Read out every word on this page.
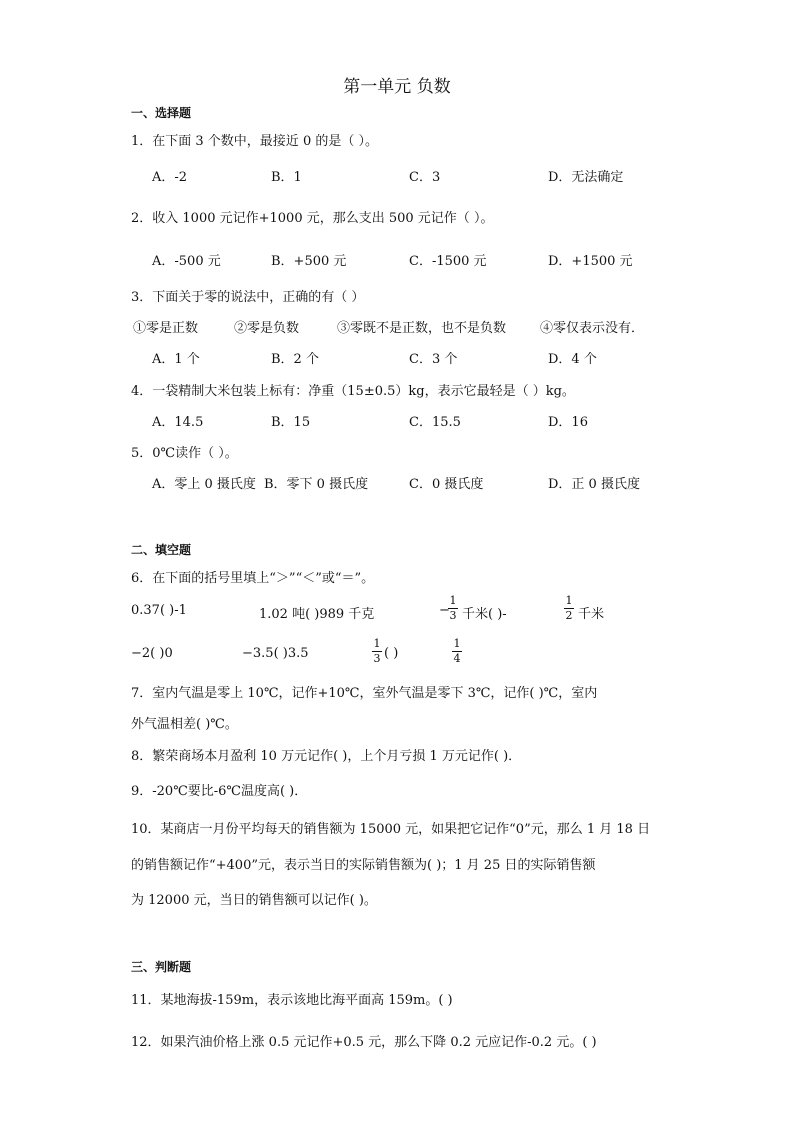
第一单元 负数
一、选择题
1．在下面 3 个数中，最接近 0 的是（ ）。
A．-2	B．1	C．3	D．无法确定
2．收入 1000 元记作+1000 元，那么支出 500 元记作（ ）。
A．-500 元	B．+500 元	C．-1500 元	D．+1500 元
3．下面关于零的说法中，正确的有（ ）
①零是正数	②零是负数	③零既不是正数，也不是负数	④零仅表示没有．
A．1 个	B．2 个	C．3 个	D．4 个
4．一袋精制大米包装上标有：净重（15±0.5）kg，表示它最轻是（ ）kg。
A．14.5	B．15	C．15.5	D．16
5．0℃读作（ ）。
A．零上 0 摄氏度 B．零下 0 摄氏度	C．0 摄氏度	D．正 0 摄氏度
二、填空题
6．在下面的括号里填上“＞”“＜”或“＝”。
0.37( )-1	1.02 吨( )989 千克	−
1
3 千米( )-
1
2 千米
−2( )0	−3.5( )3.5
1
3 ( )
1
4
7．室内气温是零上 10℃，记作+10℃，室外气温是零下 3℃，记作( )℃，室内
外气温相差( )℃。
8．繁荣商场本月盈利 10 万元记作( )，上个月亏损 1 万元记作( )．
9．-20℃要比-6℃温度高( )．
10．某商店一月份平均每天的销售额为 15000 元，如果把它记作“0”元，那么 1 月 18 日
的销售额记作“+400”元，表示当日的实际销售额为( )；1 月 25 日的实际销售额
为 12000 元，当日的销售额可以记作( )。
三、判断题
11．某地海拔-159m，表示该地比海平面高 159m。( )
12．如果汽油价格上涨 0.5 元记作+0.5 元，那么下降 0.2 元应记作-0.2 元。( )
